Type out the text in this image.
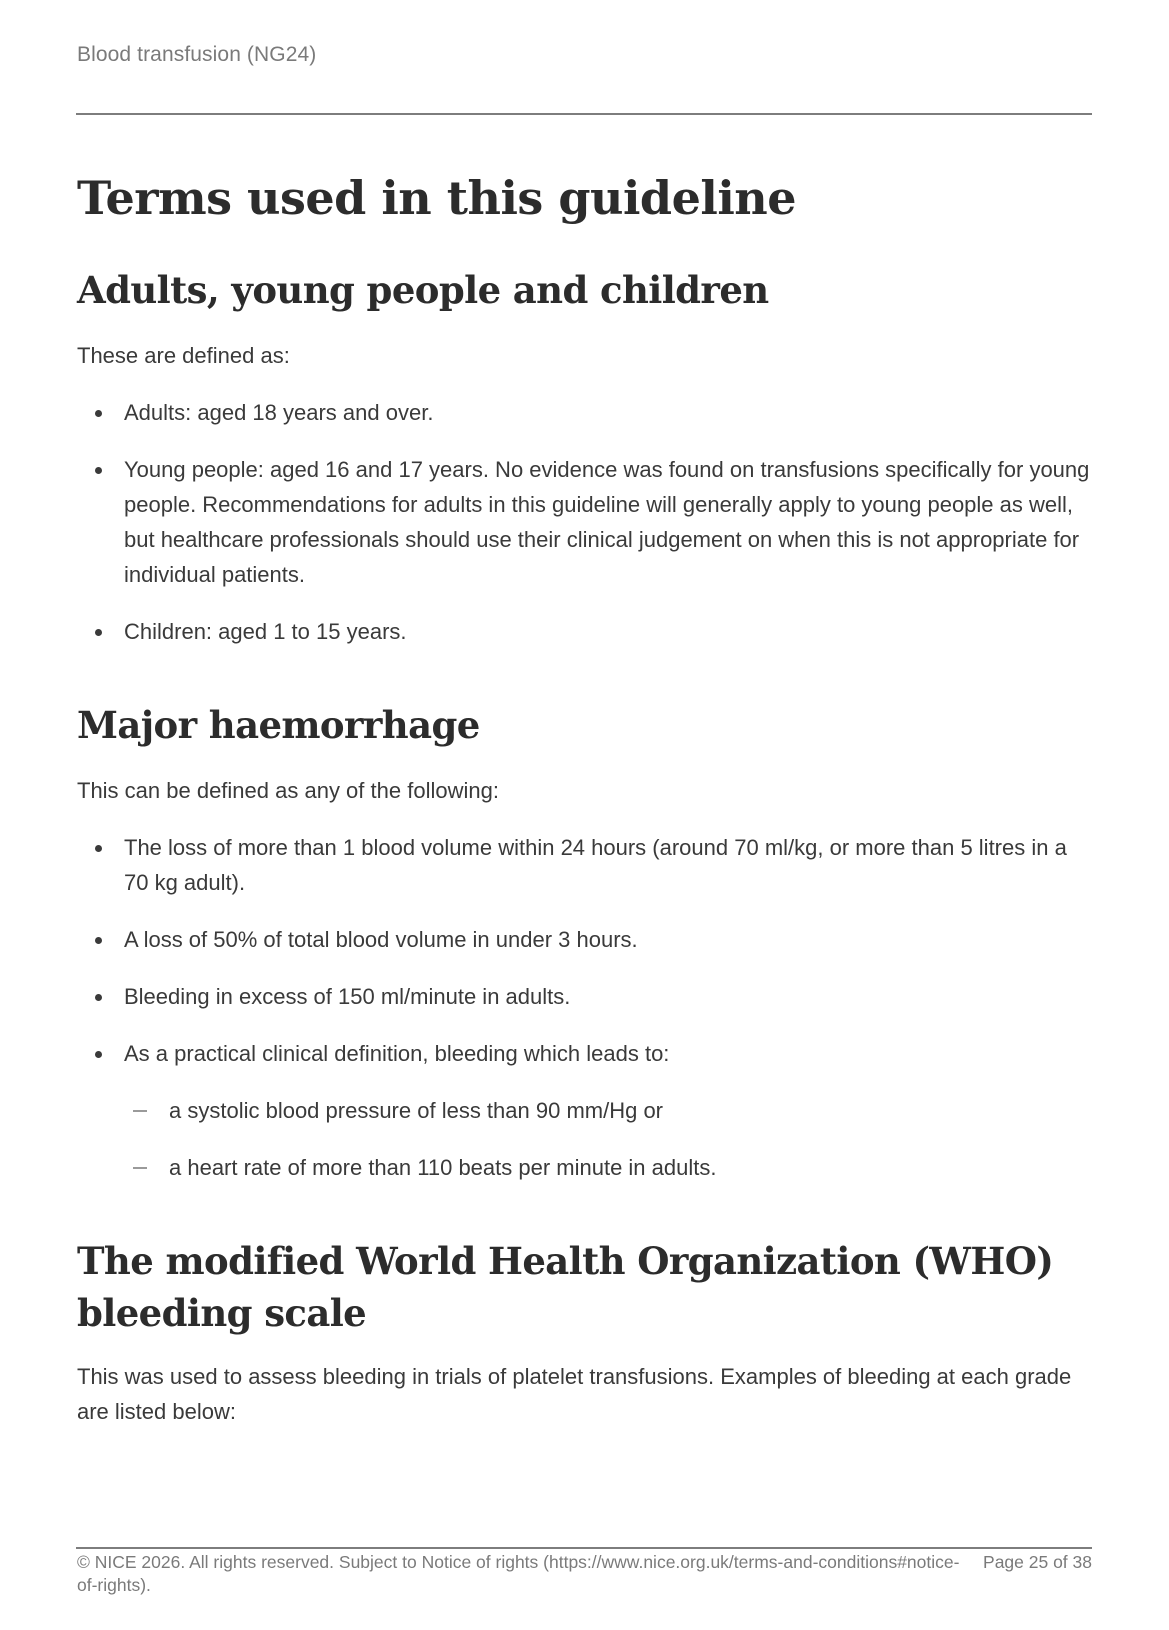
Blood transfusion (NG24)
Terms used in this guideline
Adults, young people and children

These are defined as:

Adults: aged 18 years and over.
Young people: aged 16 and 17 years. No evidence was found on transfusions specifically for young people. Recommendations for adults in this guideline will generally apply to young people as well, but healthcare professionals should use their clinical judgement on when this is not appropriate for individual patients.
Children: aged 1 to 15 years.
Major haemorrhage

This can be defined as any of the following:

The loss of more than 1 blood volume within 24 hours (around 70 ml/kg, or more than 5 litres in a 70 kg adult).
A loss of 50% of total blood volume in under 3 hours.
Bleeding in excess of 150 ml/minute in adults.
As a practical clinical definition, bleeding which leads to:
a systolic blood pressure of less than 90 mm/Hg or
a heart rate of more than 110 beats per minute in adults.
The modified World Health Organization (WHO) bleeding scale

This was used to assess bleeding in trials of platelet transfusions. Examples of bleeding at each grade are listed below:

© NICE 2026. All rights reserved. Subject to Notice of rights (https://www.nice.org.uk/terms-and-conditions#notice-of-rights).
Page 25 of 38
